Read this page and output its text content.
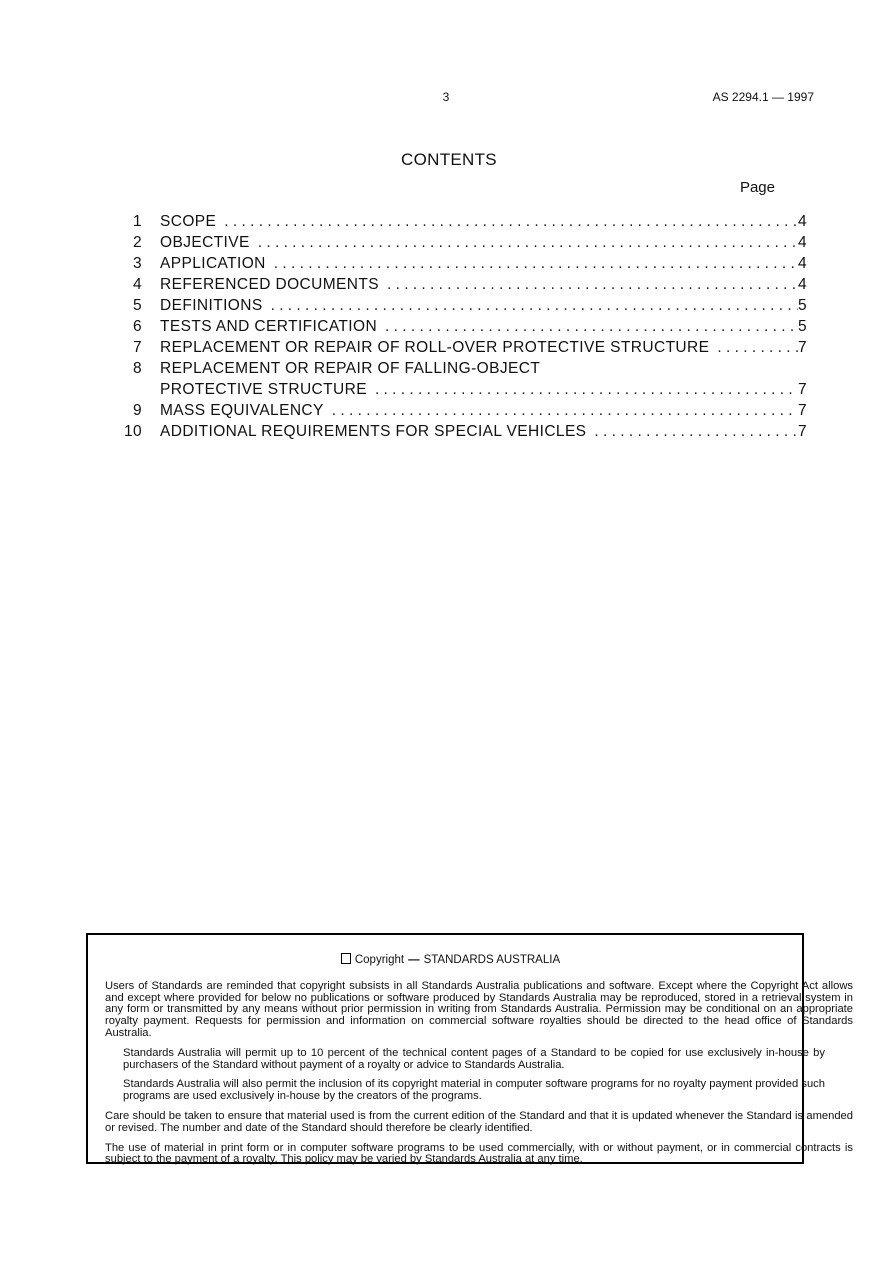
3	AS 2294.1 — 1997
CONTENTS
Page
1	SCOPE . . .	4
2	OBJECTIVE . . .	4
3	APPLICATION . . .	4
4	REFERENCED DOCUMENTS . . .	4
5	DEFINITIONS . . .	5
6	TESTS AND CERTIFICATION . . .	5
7	REPLACEMENT OR REPAIR OF ROLL-OVER PROTECTIVE STRUCTURE . . .	7
8	REPLACEMENT OR REPAIR OF FALLING-OBJECT
PROTECTIVE STRUCTURE . . .	7
9	MASS EQUIVALENCY . . .	7
10	ADDITIONAL REQUIREMENTS FOR SPECIAL VEHICLES . . .	7
Copyright — STANDARDS AUSTRALIA

Users of Standards are reminded that copyright subsists in all Standards Australia publications and software. Except where the Copyright Act allows and except where provided for below no publications or software produced by Standards Australia may be reproduced, stored in a retrieval system in any form or transmitted by any means without prior permission in writing from Standards Australia. Permission may be conditional on an appropriate royalty payment. Requests for permission and information on commercial software royalties should be directed to the head office of Standards Australia.

Standards Australia will permit up to 10 percent of the technical content pages of a Standard to be copied for use exclusively in-house by purchasers of the Standard without payment of a royalty or advice to Standards Australia.

Standards Australia will also permit the inclusion of its copyright material in computer software programs for no royalty payment provided such programs are used exclusively in-house by the creators of the programs.

Care should be taken to ensure that material used is from the current edition of the Standard and that it is updated whenever the Standard is amended or revised. The number and date of the Standard should therefore be clearly identified.

The use of material in print form or in computer software programs to be used commercially, with or without payment, or in commercial contracts is subject to the payment of a royalty. This policy may be varied by Standards Australia at any time.
